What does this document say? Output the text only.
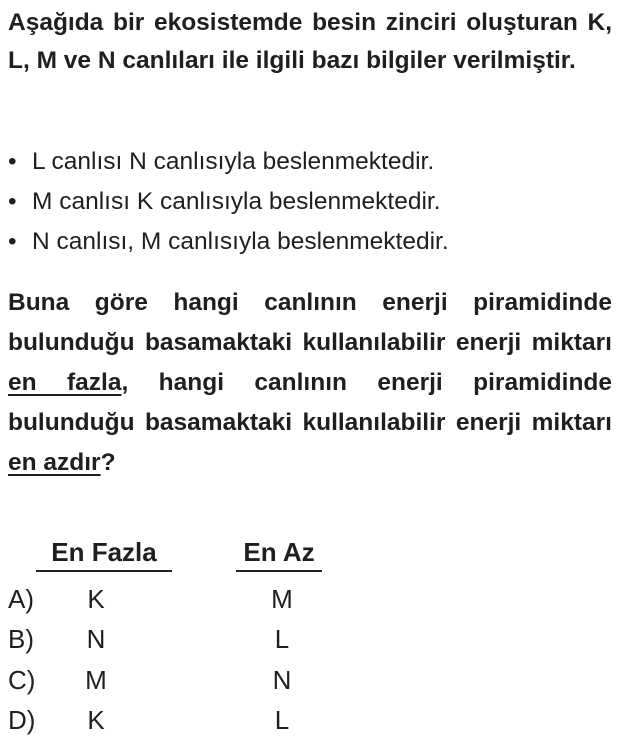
Aşağıda bir ekosistemde besin zinciri oluşturan K, L, M ve N canlıları ile ilgili bazı bilgiler verilmiştir.

• L canlısı N canlısıyla beslenmektedir.
• M canlısı K canlısıyla beslenmektedir.
• N canlısı, M canlısıyla beslenmektedir.

Buna göre hangi canlının enerji piramidinde bulunduğu basamaktaki kullanılabilir enerji miktarı en fazla, hangi canlının enerji piramidinde bulunduğu basamaktaki kullanılabilir enerji miktarı en azdır?

En Fazla	En Az
A)	K	M
B)	N	L
C)	M	N
D)	K	L
